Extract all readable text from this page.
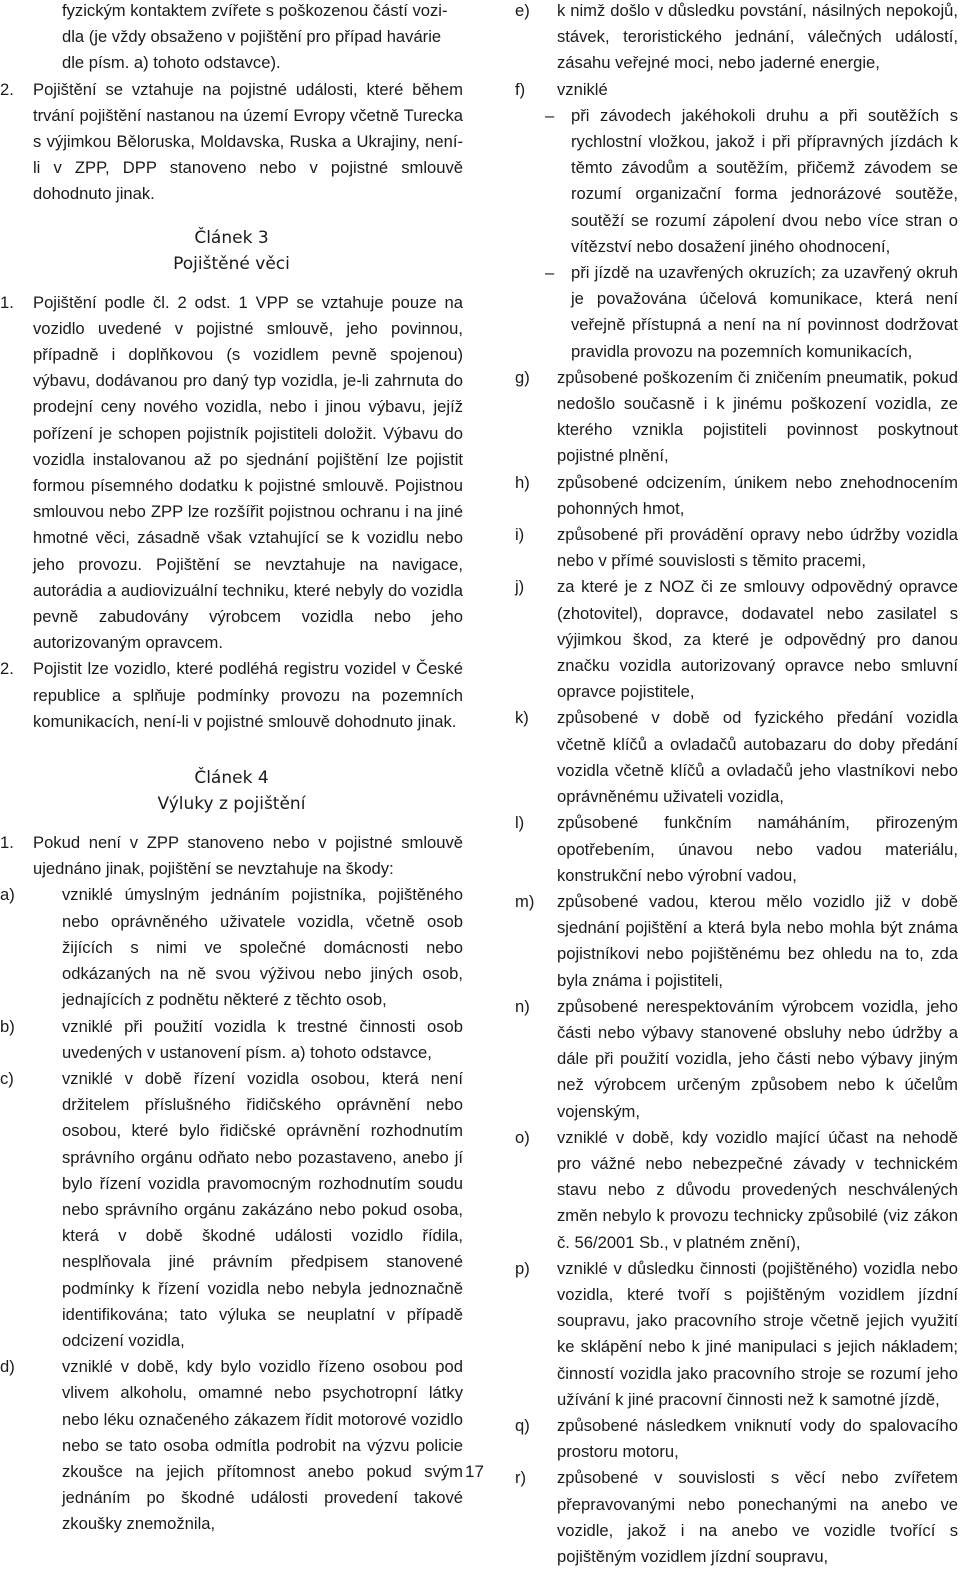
fyzickým kontaktem zvířete s poškozenou částí vozi-
dla (je vždy obsaženo v pojištění pro případ havárie
dle písm. a) tohoto odstavce).
2. Pojištění se vztahuje na pojistné události, které během trvání pojištění nastanou na území Evropy včetně Turecka s výjimkou Běloruska, Moldavska, Ruska a Ukrajiny, není-li v ZPP, DPP stanoveno nebo v pojistné smlouvě dohodnuto jinak.
Článek 3
Pojištěné věci
1. Pojištění podle čl. 2 odst. 1 VPP se vztahuje pouze na vozidlo uvedené v pojistné smlouvě, jeho povinnou, případně i doplňkovou (s vozidlem pevně spojenou) výbavu, dodávanou pro daný typ vozidla, je-li zahrnuta do prodejní ceny nového vozidla, nebo i jinou výbavu, jejíž pořízení je schopen pojistník pojistiteli doložit. Výbavu do vozidla instalovanou až po sjednání pojištění lze pojistit formou písemného dodatku k pojistné smlouvě. Pojistnou smlouvou nebo ZPP lze rozšířit pojistnou ochranu i na jiné hmotné věci, zásadně však vztahující se k vozidlu nebo jeho provozu. Pojištění se nevztahuje na navigace, autorádia a audiovizuální techniku, které nebyly do vozidla pevně zabudovány výrobcem vozidla nebo jeho autorizovaným opravcem.
2. Pojistit lze vozidlo, které podléhá registru vozidel v České republice a splňuje podmínky provozu na pozemních komunikacích, není-li v pojistné smlouvě dohodnuto jinak.
Článek 4
Výluky z pojištění
1. Pokud není v ZPP stanoveno nebo v pojistné smlouvě ujednáno jinak, pojištění se nevztahuje na škody:
a)	vzniklé úmyslným jednáním pojistníka, pojištěného nebo oprávněného uživatele vozidla, včetně osob žijících s nimi ve společné domácnosti nebo odkázaných na ně svou výživou nebo jiných osob, jednajících z podnětu některé z těchto osob,
b)	vzniklé při použití vozidla k trestné činnosti osob uvedených v ustanovení písm. a) tohoto odstavce,
c)	vzniklé v době řízení vozidla osobou, která není držitelem příslušného řidičského oprávnění nebo osobou, které bylo řidičské oprávnění rozhodnutím správního orgánu odňato nebo pozastaveno, anebo jí bylo řízení vozidla pravomocným rozhodnutím soudu nebo správního orgánu zakázáno nebo pokud osoba, která v době škodné události vozidlo řídila, nesplňovala jiné právním předpisem stanovené podmínky k řízení vozidla nebo nebyla jednoznačně identifikována; tato výluka se neuplatní v případě odcizení vozidla,
d)	vzniklé v době, kdy bylo vozidlo řízeno osobou pod vlivem alkoholu, omamné nebo psychotropní látky nebo léku označeného zákazem řídit motorové vozidlo nebo se tato osoba odmítla podrobit na výzvu policie zkoušce na jejich přítomnost anebo pokud svým jednáním po škodné události provedení takové zkoušky znemožnila,
e) k nimž došlo v důsledku povstání, násilných nepokojů, stávek, teroristického jednání, válečných událostí, zásahu veřejné moci, nebo jaderné energie,
f) vzniklé
– při závodech jakéhokoli druhu a při soutěžích s rychlostní vložkou, jakož i při přípravných jízdách k těmto závodům a soutěžím, přičemž závodem se rozumí organizační forma jednorázové soutěže, soutěží se rozumí zápolení dvou nebo více stran o vítězství nebo dosažení jiného ohodnocení,
– při jízdě na uzavřených okruzích; za uzavřený okruh je považována účelová komunikace, která není veřejně přístupná a není na ní povinnost dodržovat pravidla provozu na pozemních komunikacích,
g) způsobené poškozením či zničením pneumatik, pokud nedošlo současně i k jinému poškození vozidla, ze kterého vznikla pojistiteli povinnost poskytnout pojistné plnění,
h) způsobené odcizením, únikem nebo znehodnocením pohonných hmot,
i) způsobené při provádění opravy nebo údržby vozidla nebo v přímé souvislosti s těmito pracemi,
j) za které je z NOZ či ze smlouvy odpovědný opravce (zhotovitel), dopravce, dodavatel nebo zasilatel s výjimkou škod, za které je odpovědný pro danou značku vozidla autorizovaný opravce nebo smluvní opravce pojistitele,
k) způsobené v době od fyzického předání vozidla včetně klíčů a ovladačů autobazaru do doby předání vozidla včetně klíčů a ovladačů jeho vlastníkovi nebo oprávněnému uživateli vozidla,
l) způsobené funkčním namáháním, přirozeným opotřebením, únavou nebo vadou materiálu, konstrukční nebo výrobní vadou,
m) způsobené vadou, kterou mělo vozidlo již v době sjednání pojištění a která byla nebo mohla být známa pojistníkovi nebo pojištěnému bez ohledu na to, zda byla známa i pojistiteli,
n) způsobené nerespektováním výrobcem vozidla, jeho části nebo výbavy stanovené obsluhy nebo údržby a dále při použití vozidla, jeho části nebo výbavy jiným než výrobcem určeným způsobem nebo k účelům vojenským,
o) vzniklé v době, kdy vozidlo mající účast na nehodě pro vážné nebo nebezpečné závady v technickém stavu nebo z důvodu provedených neschválených změn nebylo k provozu technicky způsobilé (viz zákon č. 56/2001 Sb., v platném znění),
p) vzniklé v důsledku činnosti (pojištěného) vozidla nebo vozidla, které tvoří s pojištěným vozidlem jízdní soupravu, jako pracovního stroje včetně jejich využití ke sklápění nebo k jiné manipulaci s jejich nákladem; činností vozidla jako pracovního stroje se rozumí jeho užívání k jiné pracovní činnosti než k samotné jízdě,
q) způsobené následkem vniknutí vody do spalovacího prostoru motoru,
r) způsobené v souvislosti s věcí nebo zvířetem přepravovanými nebo ponechanými na anebo ve vozidle, jakož i na anebo ve vozidle tvořící s pojištěným vozidlem jízdní soupravu,
17
